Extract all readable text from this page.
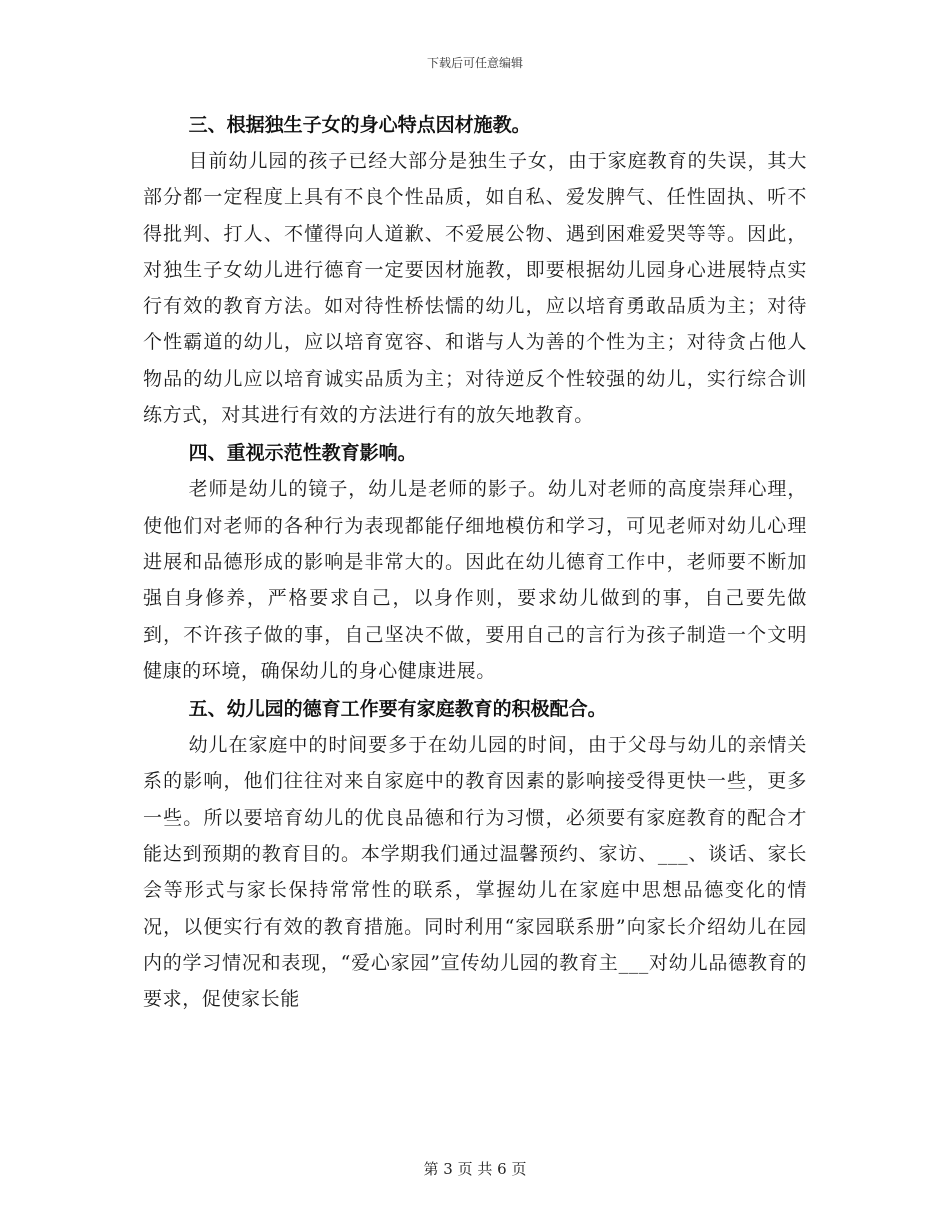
下载后可任意编辑

三、根据独生子女的身心特点因材施教。

目前幼儿园的孩子已经大部分是独生子女，由于家庭教育的失误，其大部分都一定程度上具有不良个性品质，如自私、爱发脾气、任性固执、听不得批判、打人、不懂得向人道歉、不爱展公物、遇到困难爱哭等等。因此，对独生子女幼儿进行德育一定要因材施教，即要根据幼儿园身心进展特点实行有效的教育方法。如对待性桥怯懦的幼儿，应以培育勇敢品质为主；对待个性霸道的幼儿，应以培育宽容、和谐与人为善的个性为主；对待贪占他人物品的幼儿应以培育诚实品质为主；对待逆反个性较强的幼儿，实行综合训练方式，对其进行有效的方法进行有的放矢地教育。

四、重视示范性教育影响。

老师是幼儿的镜子，幼儿是老师的影子。幼儿对老师的高度崇拜心理，使他们对老师的各种行为表现都能仔细地模仿和学习，可见老师对幼儿心理进展和品德形成的影响是非常大的。因此在幼儿德育工作中，老师要不断加强自身修养，严格要求自己，以身作则，要求幼儿做到的事，自己要先做到，不许孩子做的事，自己坚决不做，要用自己的言行为孩子制造一个文明健康的环境，确保幼儿的身心健康进展。

五、幼儿园的德育工作要有家庭教育的积极配合。

幼儿在家庭中的时间要多于在幼儿园的时间，由于父母与幼儿的亲情关系的影响，他们往往对来自家庭中的教育因素的影响接受得更快一些，更多一些。所以要培育幼儿的优良品德和行为习惯，必须要有家庭教育的配合才能达到预期的教育目的。本学期我们通过温馨预约、家访、___、谈话、家长会等形式与家长保持常常性的联系，掌握幼儿在家庭中思想品德变化的情况，以便实行有效的教育措施。同时利用“家园联系册”向家长介绍幼儿在园内的学习情况和表现，“爱心家园”宣传幼儿园的教育主___对幼儿品德教育的要求，促使家长能

第 3 页 共 6 页
